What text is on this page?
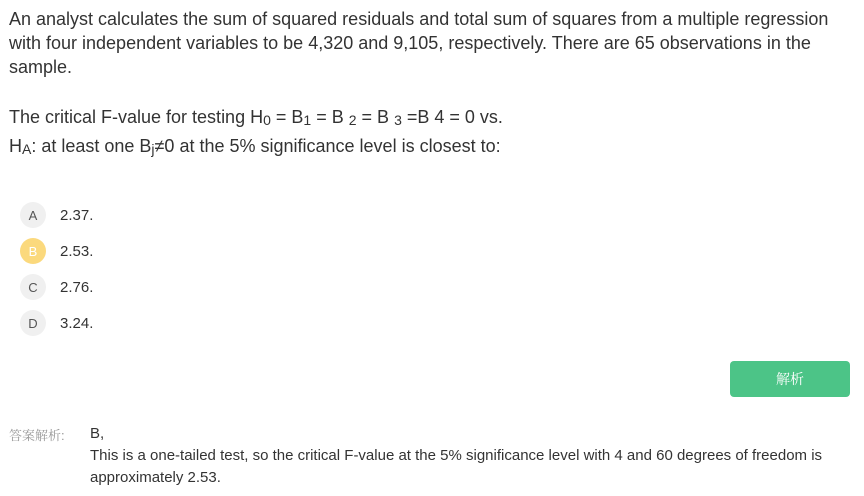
An analyst calculates the sum of squared residuals and total sum of squares from a multiple regression with four independent variables to be 4,320 and 9,105, respectively. There are 65 observations in the sample.

The critical F-value for testing $H_0 = B_1 = B$ $_2$ = B $_3$ =B 4 = 0 vs.
$H_A$: at least one $B_j\ne 0$ at the 5% significance level is closest to:
A	2.37.
B	2.53.
C	2.76.
D	3.24.
解析
答案解析: B,
This is a one-tailed test, so the critical F-value at the 5% significance level with 4 and 60 degrees of freedom is approximately 2.53.
